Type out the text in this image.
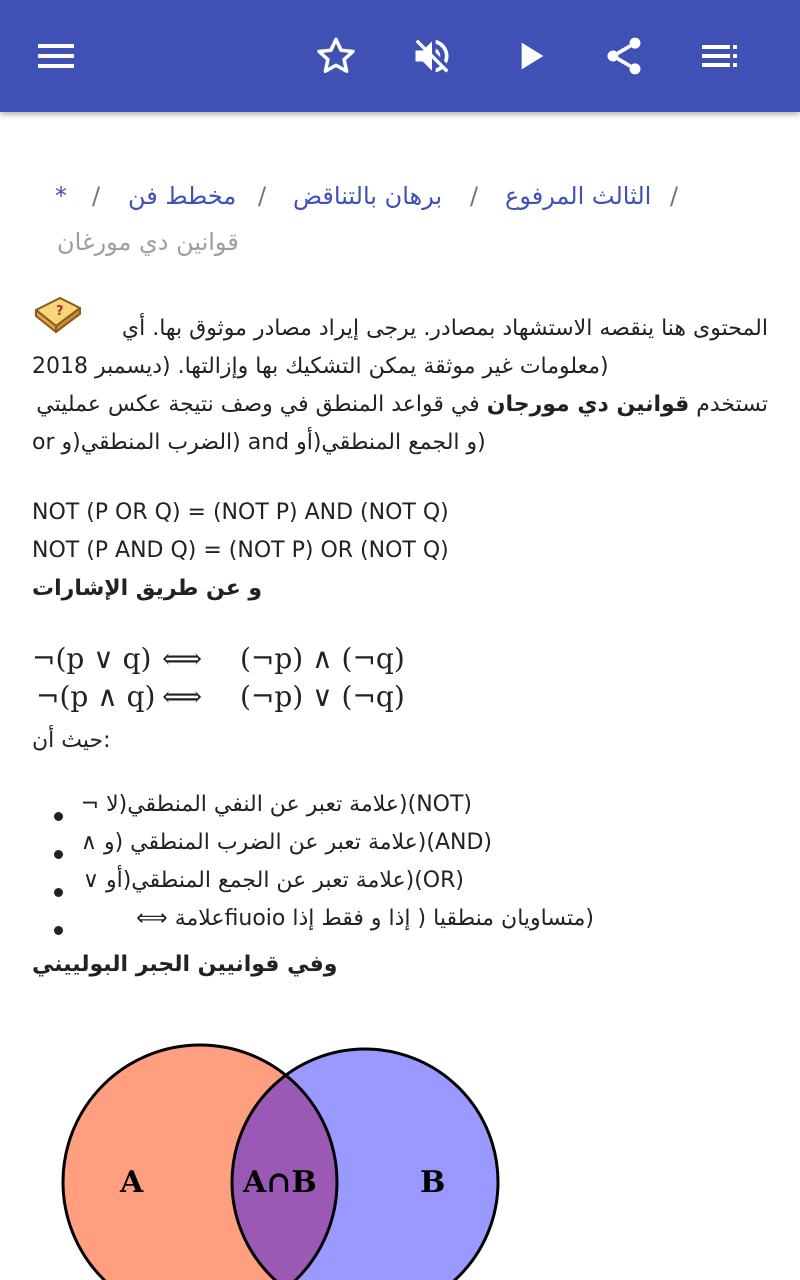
* / مخطط فن / برهان بالتناقض / الثالث المرفوع /
قوانين دي مورغان
?
المحتوى هنا ينقصه الاستشهاد بمصادر. يرجى إيراد مصادر موثوق بها. أي
(معلومات غير موثقة يمكن التشكيك بها وإزالتها. (ديسمبر 2018
تستخدم قوانين دي مورجان في قواعد المنطق في وصف نتيجة عكس عمليتي
(و الجمع المنطقي(أو and (الضرب المنطقي(و or
NOT (P OR Q) = (NOT P) AND (NOT Q)
NOT (P AND Q) = (NOT P) OR (NOT Q)
و عن طريق الإشارات
¬(p ∨ q) ⟺ (¬p) ∧ (¬q)
¬(p ∧ q) ⟺ (¬p) ∨ (¬q)
:حيث أن
(NOT)(علامة تعبر عن النفي المنطقي(لا ¬
(AND)(علامة تعبر عن الضرب المنطقي (و ∧
(OR)(علامة تعبر عن الجمع المنطقي(أو ∨
(متساويان منطقيا ( إذا و فقط إذا fiuoioعلامة ⟺
وفي قوانيين الجبر البولييني
A	A∩B	B
